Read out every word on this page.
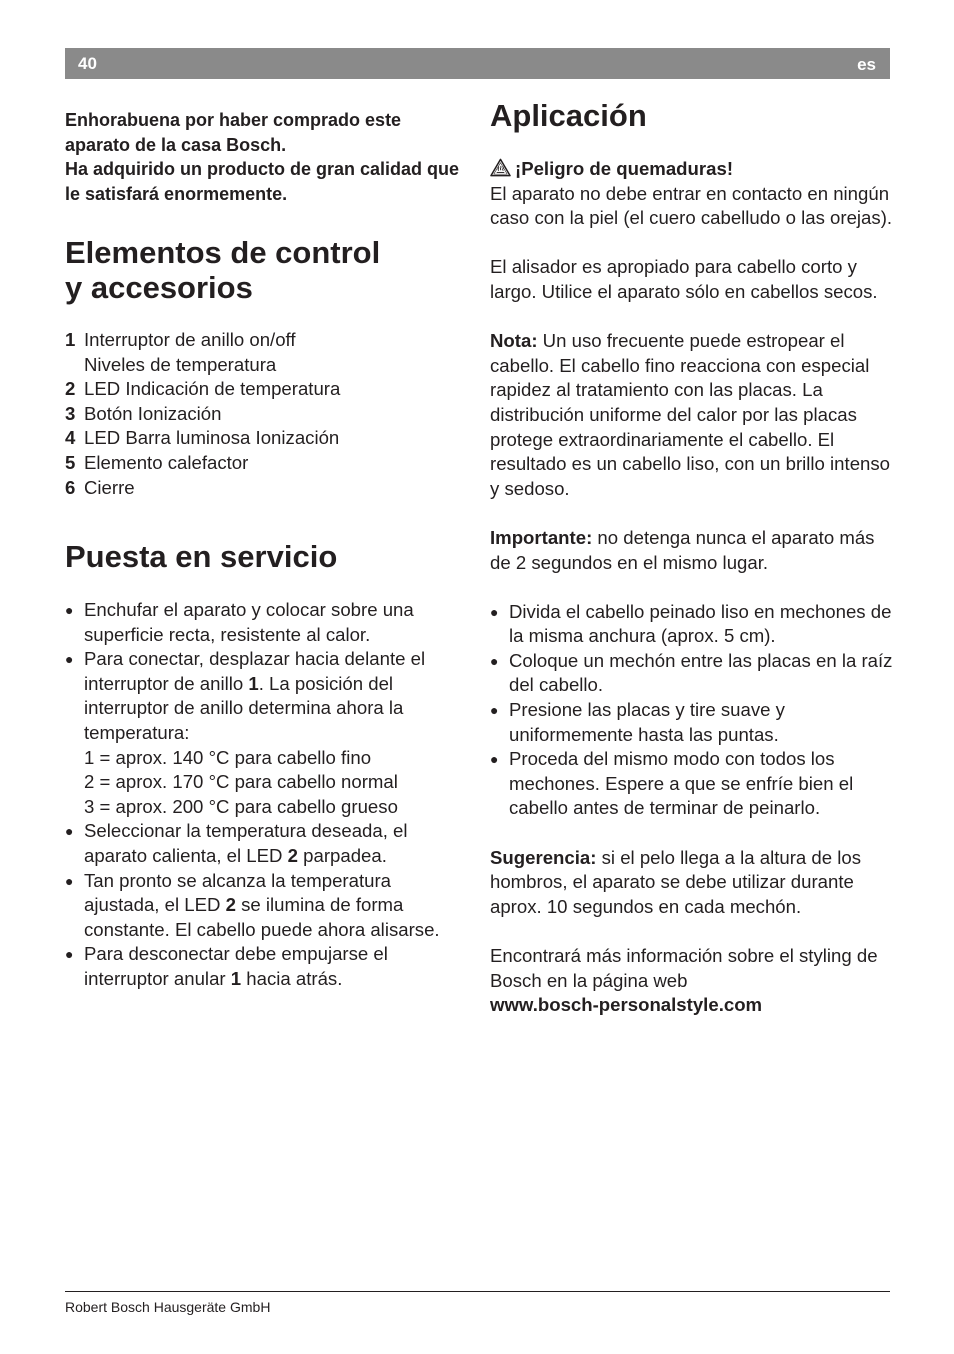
40	es

Enhorabuena por haber comprado este aparato de la casa Bosch.

Ha adquirido un producto de gran calidad que le satisfará enormemente.

Elementos de control y accesorios
1 Interruptor de anillo on/off
Niveles de temperatura
2 LED Indicación de temperatura
3 Botón Ionización
4 LED Barra luminosa Ionización
5 Elemento calefactor
6 Cierre
Puesta en servicio
● Enchufar el aparato y colocar sobre una superficie recta, resistente al calor.
● Para conectar, desplazar hacia delante el interruptor de anillo 1. La posición del interruptor de anillo determina ahora la temperatura:
1 = aprox. 140 °C para cabello fino
2 = aprox. 170 °C para cabello normal
3 = aprox. 200 °C para cabello grueso
● Seleccionar la temperatura deseada, el aparato calienta, el LED 2 parpadea.
● Tan pronto se alcanza la temperatura ajustada, el LED 2 se ilumina de forma constante. El cabello puede ahora alisarse.
● Para desconectar debe empujarse el interruptor anular 1 hacia atrás.
Aplicación

¡Peligro de quemaduras!
El aparato no debe entrar en contacto en ningún caso con la piel (el cuero cabelludo o las orejas).

El alisador es apropiado para cabello corto y largo. Utilice el aparato sólo en cabellos secos.

Nota: Un uso frecuente puede estropear el cabello. El cabello fino reacciona con especial rapidez al tratamiento con las placas. La distribución uniforme del calor por las placas protege extraordinariamente el cabello. El resultado es un cabello liso, con un brillo intenso y sedoso.

Importante: no detenga nunca el aparato más de 2 segundos en el mismo lugar.

● Divida el cabello peinado liso en mechones de la misma anchura (aprox. 5 cm).
● Coloque un mechón entre las placas en la raíz del cabello.
● Presione las placas y tire suave y uniformemente hasta las puntas.
● Proceda del mismo modo con todos los mechones. Espere a que se enfríe bien el cabello antes de terminar de peinarlo.

Sugerencia: si el pelo llega a la altura de los hombros, el aparato se debe utilizar durante aprox. 10 segundos en cada mechón.

Encontrará más información sobre el styling de Bosch en la página web
www.bosch-personalstyle.com

Robert Bosch Hausgeräte GmbH
